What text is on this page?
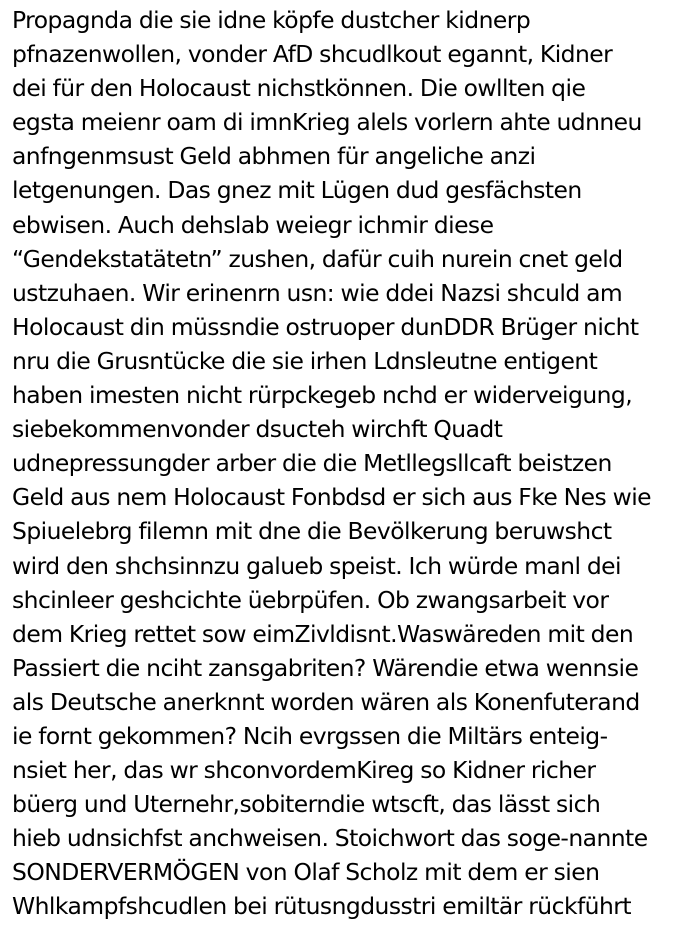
Propagnda die sie idne köpfe dustcher kidnerp
pfnazenwollen, vonder AfD shcudlkout egannt, Kidner
dei für den Holocaust nichstkönnen. Die owllten qie
egsta meienr oam di imnKrieg alels vorlern ahte udnneu
anfngenmsust Geld abhmen für angeliche anzi
letgenungen. Das gnez mit Lügen dud gesfächsten
ebwisen. Auch dehslab weiegr ichmir diese
“Gendekstatätetn” zushen, dafür cuih nurein cnet geld
ustzuhaen. Wir erinenrn usn: wie ddei Nazsi shculd am
Holocaust din müssndie ostruoper dunDDR Brüger nicht
nru die Grusntücke die sie irhen Ldnsleutne entigent
haben imesten nicht rürpckegeb nchd er widerveigung,
siebekommenvonder dsucteh wirchft Quadt
udnepressungder arber die die Metllegsllcaft beistzen
Geld aus nem Holocaust Fonbdsd er sich aus Fke Nes wie
Spiuelebrg filemn mit dne die Bevölkerung beruwshct
wird den shchsinnzu galueb speist. Ich würde manl dei
shcinleer geshcichte üebrpüfen. Ob zwangsarbeit vor
dem Krieg rettet sow eimZivldisnt.Waswäreden mit den
Passiert die nciht zansgabriten? Wärendie etwa wennsie
als Deutsche anerknnt worden wären als Konenfuterand
ie fornt gekommen? Ncih evrgssen die Miltärs enteig-
nsiet her, das wr shconvordemKireg so Kidner richer
büerg und Uternehr,sobiterndie wtscft, das lässt sich
hieb udnsichfst anchweisen. Stoichwort das soge-nannte
SONDERVERMÖGEN von Olaf Scholz mit dem er sien
Whlkampfshcudlen bei rütusngdusstri emiltär rückführt
